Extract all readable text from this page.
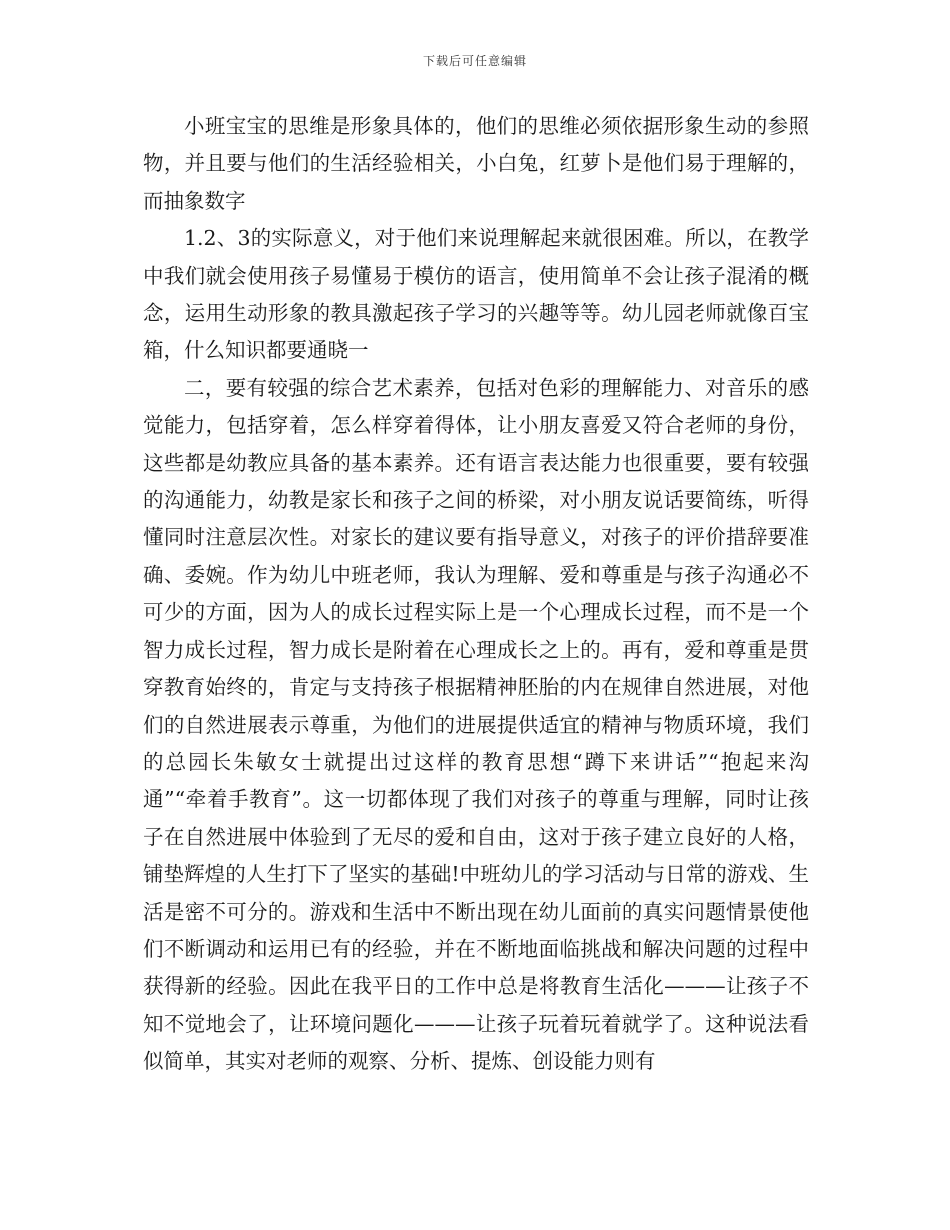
下载后可任意编辑

小班宝宝的思维是形象具体的，他们的思维必须依据形象生动的参照物，并且要与他们的生活经验相关，小白兔，红萝卜是他们易于理解的，而抽象数字

1.2、3的实际意义，对于他们来说理解起来就很困难。所以，在教学中我们就会使用孩子易懂易于模仿的语言，使用简单不会让孩子混淆的概念，运用生动形象的教具激起孩子学习的兴趣等等。幼儿园老师就像百宝箱，什么知识都要通晓一

二，要有较强的综合艺术素养，包括对色彩的理解能力、对音乐的感觉能力，包括穿着，怎么样穿着得体，让小朋友喜爱又符合老师的身份，这些都是幼教应具备的基本素养。还有语言表达能力也很重要，要有较强的沟通能力，幼教是家长和孩子之间的桥梁，对小朋友说话要简练，听得懂同时注意层次性。对家长的建议要有指导意义，对孩子的评价措辞要准确、委婉。作为幼儿中班老师，我认为理解、爱和尊重是与孩子沟通必不可少的方面，因为人的成长过程实际上是一个心理成长过程，而不是一个智力成长过程，智力成长是附着在心理成长之上的。再有，爱和尊重是贯穿教育始终的，肯定与支持孩子根据精神胚胎的内在规律自然进展，对他们的自然进展表示尊重，为他们的进展提供适宜的精神与物质环境，我们的总园长朱敏女士就提出过这样的教育思想“蹲下来讲话”“抱起来沟通”“牵着手教育”。这一切都体现了我们对孩子的尊重与理解，同时让孩子在自然进展中体验到了无尽的爱和自由，这对于孩子建立良好的人格，铺垫辉煌的人生打下了坚实的基础!中班幼儿的学习活动与日常的游戏、生活是密不可分的。游戏和生活中不断出现在幼儿面前的真实问题情景使他们不断调动和运用已有的经验，并在不断地面临挑战和解决问题的过程中获得新的经验。因此在我平日的工作中总是将教育生活化———让孩子不知不觉地会了，让环境问题化———让孩子玩着玩着就学了。这种说法看似简单，其实对老师的观察、分析、提炼、创设能力则有
